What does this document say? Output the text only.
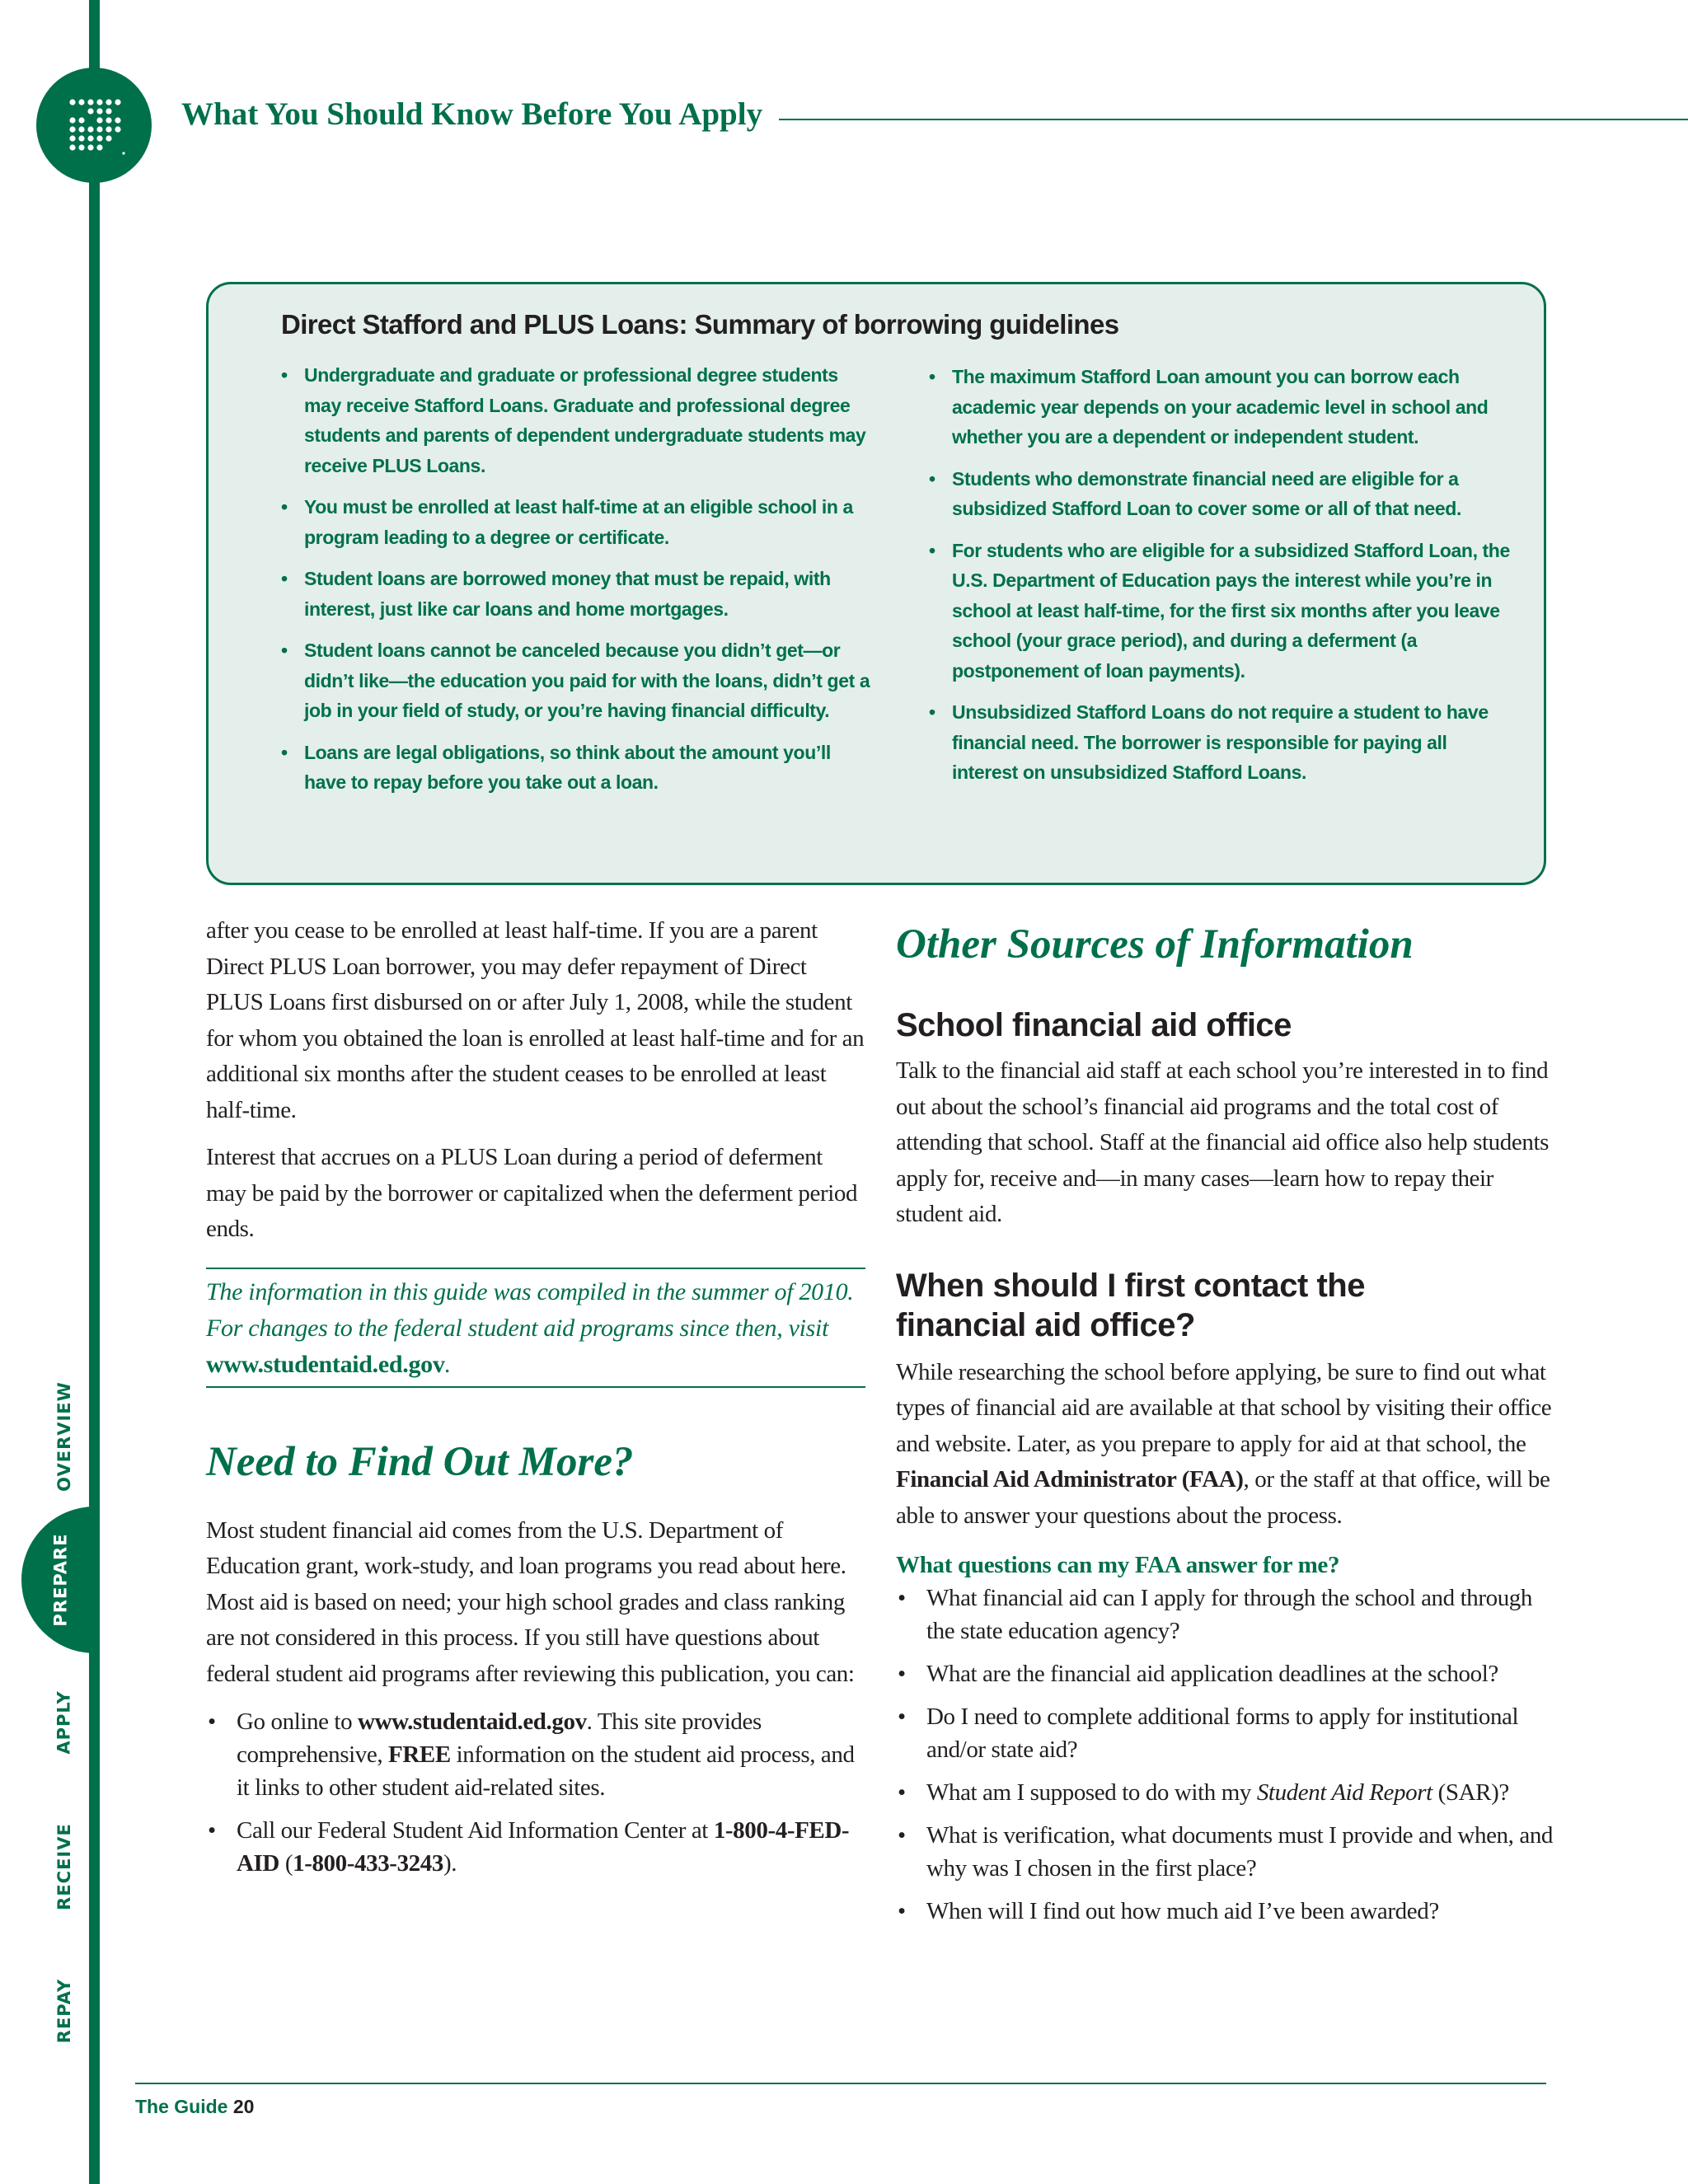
OVERVIEW
PREPARE
APPLY
RECEIVE
REPAY
What You Should Know Before You Apply
Direct Stafford and PLUS Loans: Summary of borrowing guidelines
• Undergraduate and graduate or professional degree students may receive Stafford Loans. Graduate and professional degree students and parents of dependent undergraduate students may receive PLUS Loans.
• You must be enrolled at least half-time at an eligible school in a program leading to a degree or certificate.
• Student loans are borrowed money that must be repaid, with interest, just like car loans and home mortgages.
• Student loans cannot be canceled because you didn’t get—or didn’t like—the education you paid for with the loans, didn’t get a job in your field of study, or you’re having financial difficulty.
• Loans are legal obligations, so think about the amount you’ll have to repay before you take out a loan.
• The maximum Stafford Loan amount you can borrow each academic year depends on your academic level in school and whether you are a dependent or independent student.
• Students who demonstrate financial need are eligible for a subsidized Stafford Loan to cover some or all of that need.
• For students who are eligible for a subsidized Stafford Loan, the U.S. Department of Education pays the interest while you’re in school at least half-time, for the first six months after you leave school (your grace period), and during a deferment (a postponement of loan payments).
• Unsubsidized Stafford Loans do not require a student to have financial need. The borrower is responsible for paying all interest on unsubsidized Stafford Loans.

after you cease to be enrolled at least half-time. If you are a parent Direct PLUS Loan borrower, you may defer repayment of Direct PLUS Loans first disbursed on or after July 1, 2008, while the student for whom you obtained the loan is enrolled at least half-time and for an additional six months after the student ceases to be enrolled at least half-time.

Interest that accrues on a PLUS Loan during a period of deferment may be paid by the borrower or capitalized when the deferment period ends.

The information in this guide was compiled in the summer of 2010. For changes to the federal student aid programs since then, visit www.studentaid.ed.gov.

Need to Find Out More?

Most student financial aid comes from the U.S. Department of Education grant, work-study, and loan programs you read about here. Most aid is based on need; your high school grades and class ranking are not considered in this process. If you still have questions about federal student aid programs after reviewing this publication, you can:

• Go online to www.studentaid.ed.gov. This site provides comprehensive, FREE information on the student aid process, and it links to other student aid-related sites.
• Call our Federal Student Aid Information Center at 1-800-4-FED-AID (1-800-433-3243).
Other Sources of Information
School financial aid office

Talk to the financial aid staff at each school you’re interested in to find out about the school’s financial aid programs and the total cost of attending that school. Staff at the financial aid office also help students apply for, receive and—in many cases—learn how to repay their student aid.

When should I first contact the
financial aid office?

While researching the school before applying, be sure to find out what types of financial aid are available at that school by visiting their office and website. Later, as you prepare to apply for aid at that school, the Financial Aid Administrator (FAA), or the staff at that office, will be able to answer your questions about the process.

What questions can my FAA answer for me?
• What financial aid can I apply for through the school and through the state education agency?
• What are the financial aid application deadlines at the school?
• Do I need to complete additional forms to apply for institutional and/or state aid?
• What am I supposed to do with my Student Aid Report (SAR)?
• What is verification, what documents must I provide and when, and why was I chosen in the first place?
• When will I find out how much aid I’ve been awarded?
The Guide 20
